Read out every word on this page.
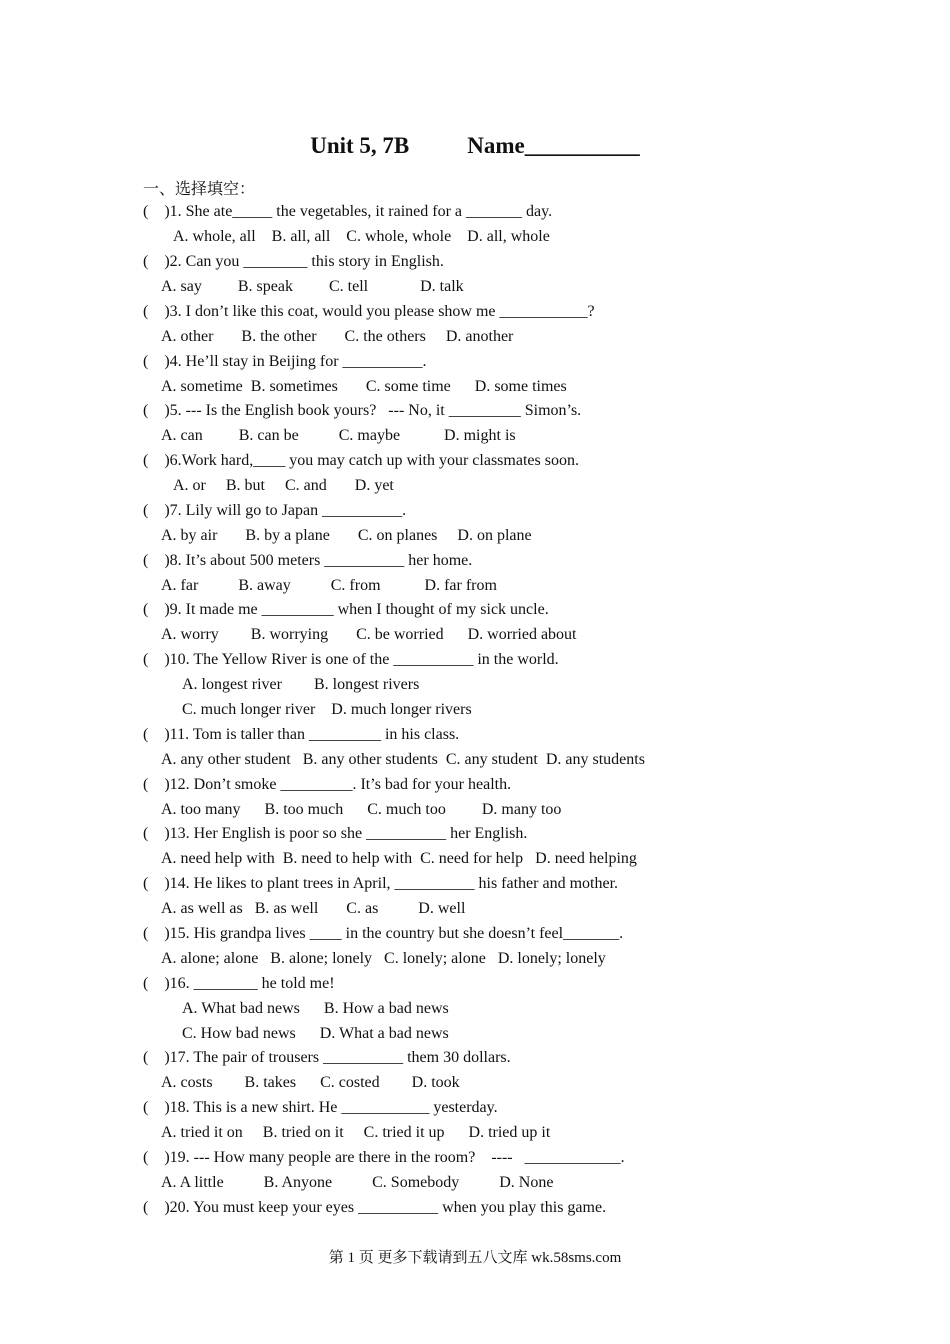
Unit 5, 7B	Name__________
一、选择填空：
(    )1. She ate_____ the vegetables, it rained for a _______ day.
A. whole, all    B. all, all    C. whole, whole    D. all, whole
(    )2. Can you ________ this story in English.
A. say         B. speak         C. tell             D. talk
(    )3. I don’t like this coat, would you please show me ___________?
A. other       B. the other       C. the others     D. another
(    )4. He’ll stay in Beijing for __________.
A. sometime  B. sometimes       C. some time      D. some times
(    )5. --- Is the English book yours?   --- No, it _________ Simon’s.
A. can         B. can be          C. maybe           D. might is
(    )6.Work hard,____ you may catch up with your classmates soon.
A. or     B. but     C. and       D. yet
(    )7. Lily will go to Japan __________.
A. by air       B. by a plane       C. on planes     D. on plane
(    )8. It’s about 500 meters __________ her home.
A. far          B. away          C. from           D. far from
(    )9. It made me _________ when I thought of my sick uncle.
A. worry        B. worrying       C. be worried      D. worried about
(    )10. The Yellow River is one of the __________ in the world.
A. longest river        B. longest rivers
C. much longer river    D. much longer rivers
(    )11. Tom is taller than _________ in his class.
A. any other student   B. any other students  C. any student  D. any students
(    )12. Don’t smoke _________. It’s bad for your health.
A. too many      B. too much      C. much too         D. many too
(    )13. Her English is poor so she __________ her English.
A. need help with  B. need to help with  C. need for help   D. need helping
(    )14. He likes to plant trees in April, __________ his father and mother.
A. as well as   B. as well       C. as          D. well
(    )15. His grandpa lives ____ in the country but she doesn’t feel_______.
A. alone; alone   B. alone; lonely   C. lonely; alone   D. lonely; lonely
(    )16. ________ he told me!
A. What bad news      B. How a bad news
C. How bad news      D. What a bad news
(    )17. The pair of trousers __________ them 30 dollars.
A. costs        B. takes      C. costed        D. took
(    )18. This is a new shirt. He ___________ yesterday.
A. tried it on     B. tried on it     C. tried it up      D. tried up it
(    )19. --- How many people are there in the room?    ----   ____________.
A. A little          B. Anyone          C. Somebody          D. None
(    )20. You must keep your eyes __________ when you play this game.
第 1 页 更多下载请到五八文库 wk.58sms.com
